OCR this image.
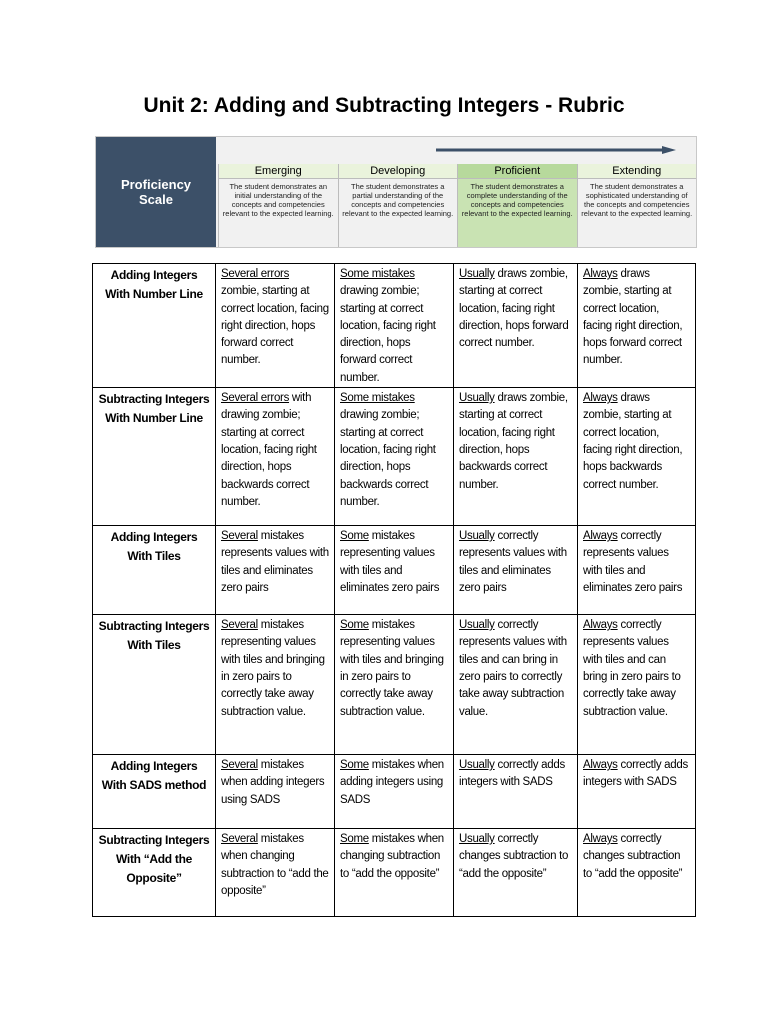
Unit 2: Adding and Subtracting Integers - Rubric
Proficiency
Scale
Emerging
The student demonstrates an initial understanding of the concepts and competencies relevant to the expected learning.
Developing
The student demonstrates a partial understanding of the concepts and competencies relevant to the expected learning.
Proficient
The student demonstrates a complete understanding of the concepts and competencies relevant to the expected learning.
Extending
The student demonstrates a sophisticated understanding of the concepts and competencies relevant to the expected learning.
Adding Integers With Number Line	Several errors zombie, starting at correct location, facing right direction, hops forward correct number.	Some mistakes drawing zombie; starting at correct location, facing right direction, hops forward correct number.	Usually draws zombie, starting at correct location, facing right direction, hops forward correct number.	Always draws zombie, starting at correct location, facing right direction, hops forward correct number.
Subtracting Integers With Number Line	Several errors with drawing zombie; starting at correct location, facing right direction, hops backwards correct number.	Some mistakes drawing zombie; starting at correct location, facing right direction, hops backwards correct number.	Usually draws zombie, starting at correct location, facing right direction, hops backwards correct number.	Always draws zombie, starting at correct location, facing right direction, hops backwards correct number.
Adding Integers With Tiles	Several mistakes represents values with tiles and eliminates zero pairs	Some mistakes representing values with tiles and eliminates zero pairs	Usually correctly represents values with tiles and eliminates zero pairs	Always correctly represents values with tiles and eliminates zero pairs
Subtracting Integers With Tiles	Several mistakes representing values with tiles and bringing in zero pairs to correctly take away subtraction value.	Some mistakes representing values with tiles and bringing in zero pairs to correctly take away subtraction value.	Usually correctly represents values with tiles and can bring in zero pairs to correctly take away subtraction value.	Always correctly represents values with tiles and can bring in zero pairs to correctly take away subtraction value.
Adding Integers With SADS method	Several mistakes when adding integers using SADS	Some mistakes when adding integers using SADS	Usually correctly adds integers with SADS	Always correctly adds integers with SADS
Subtracting Integers With “Add the Opposite”	Several mistakes when changing subtraction to “add the opposite”	Some mistakes when changing subtraction to “add the opposite”	Usually correctly changes subtraction to “add the opposite”	Always correctly changes subtraction to “add the opposite”
